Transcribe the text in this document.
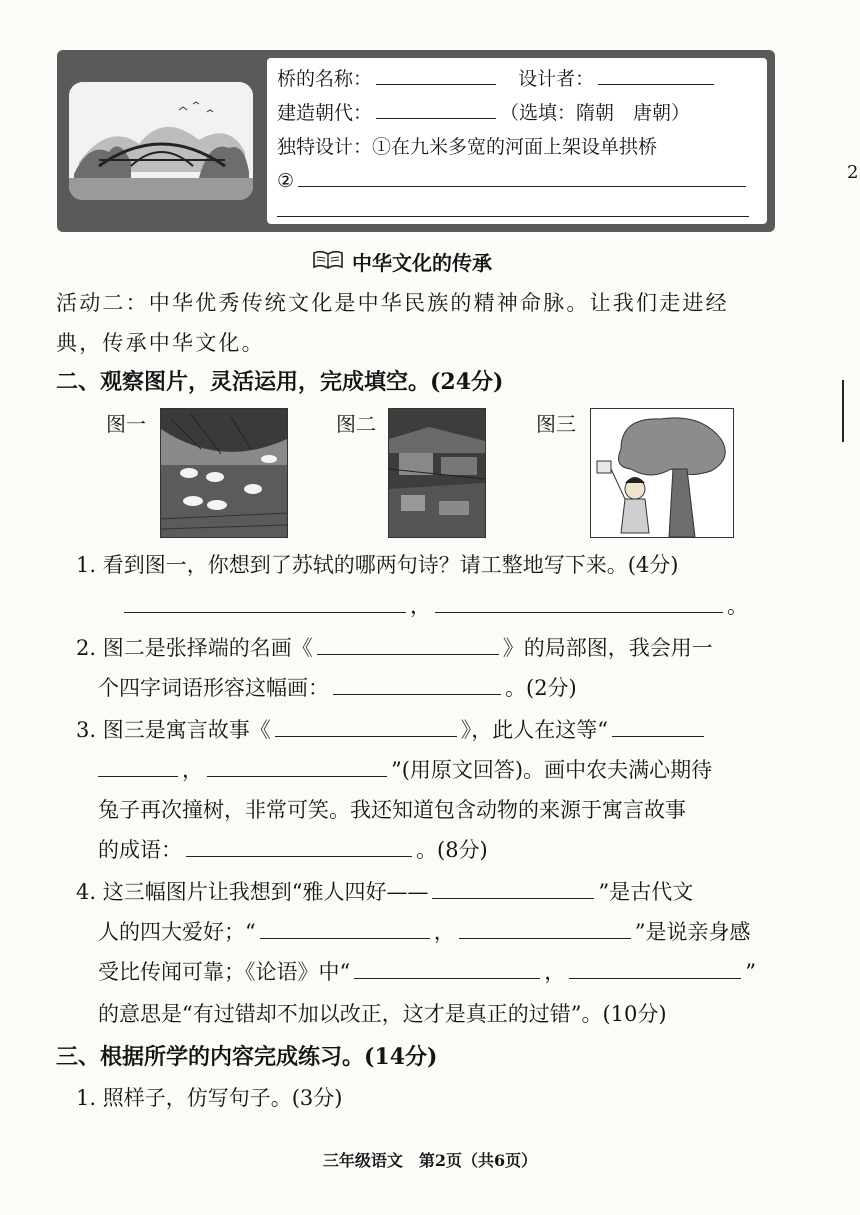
桥的名称：	设计者：
建造朝代：	（选填：隋朝　唐朝）
独特设计：①在九米多宽的河面上架设单拱桥
②	2
中华文化的传承
活动二：中华优秀传统文化是中华民族的精神命脉。让我们走进经
典，传承中华文化。
二、观察图片，灵活运用，完成填空。(24分)
图一	图二	图三
1. 看到图一，你想到了苏轼的哪两句诗？请工整地写下来。(4分)
，	。
2. 图二是张择端的名画《	》的局部图，我会用一
个四字词语形容这幅画：	。(2分)
3. 图三是寓言故事《	》，此人在这等“
，	”(用原文回答)。画中农夫满心期待
兔子再次撞树，非常可笑。我还知道包含动物的来源于寓言故事
的成语：	。(8分)
4. 这三幅图片让我想到“雅人四好——	”是古代文
人的四大爱好；“	，	”是说亲身感
受比传闻可靠；《论语》中“	，	”
的意思是“有过错却不加以改正，这才是真正的过错”。(10分)
三、根据所学的内容完成练习。(14分)
1. 照样子，仿写句子。(3分)
三年级语文　第2页（共6页）
